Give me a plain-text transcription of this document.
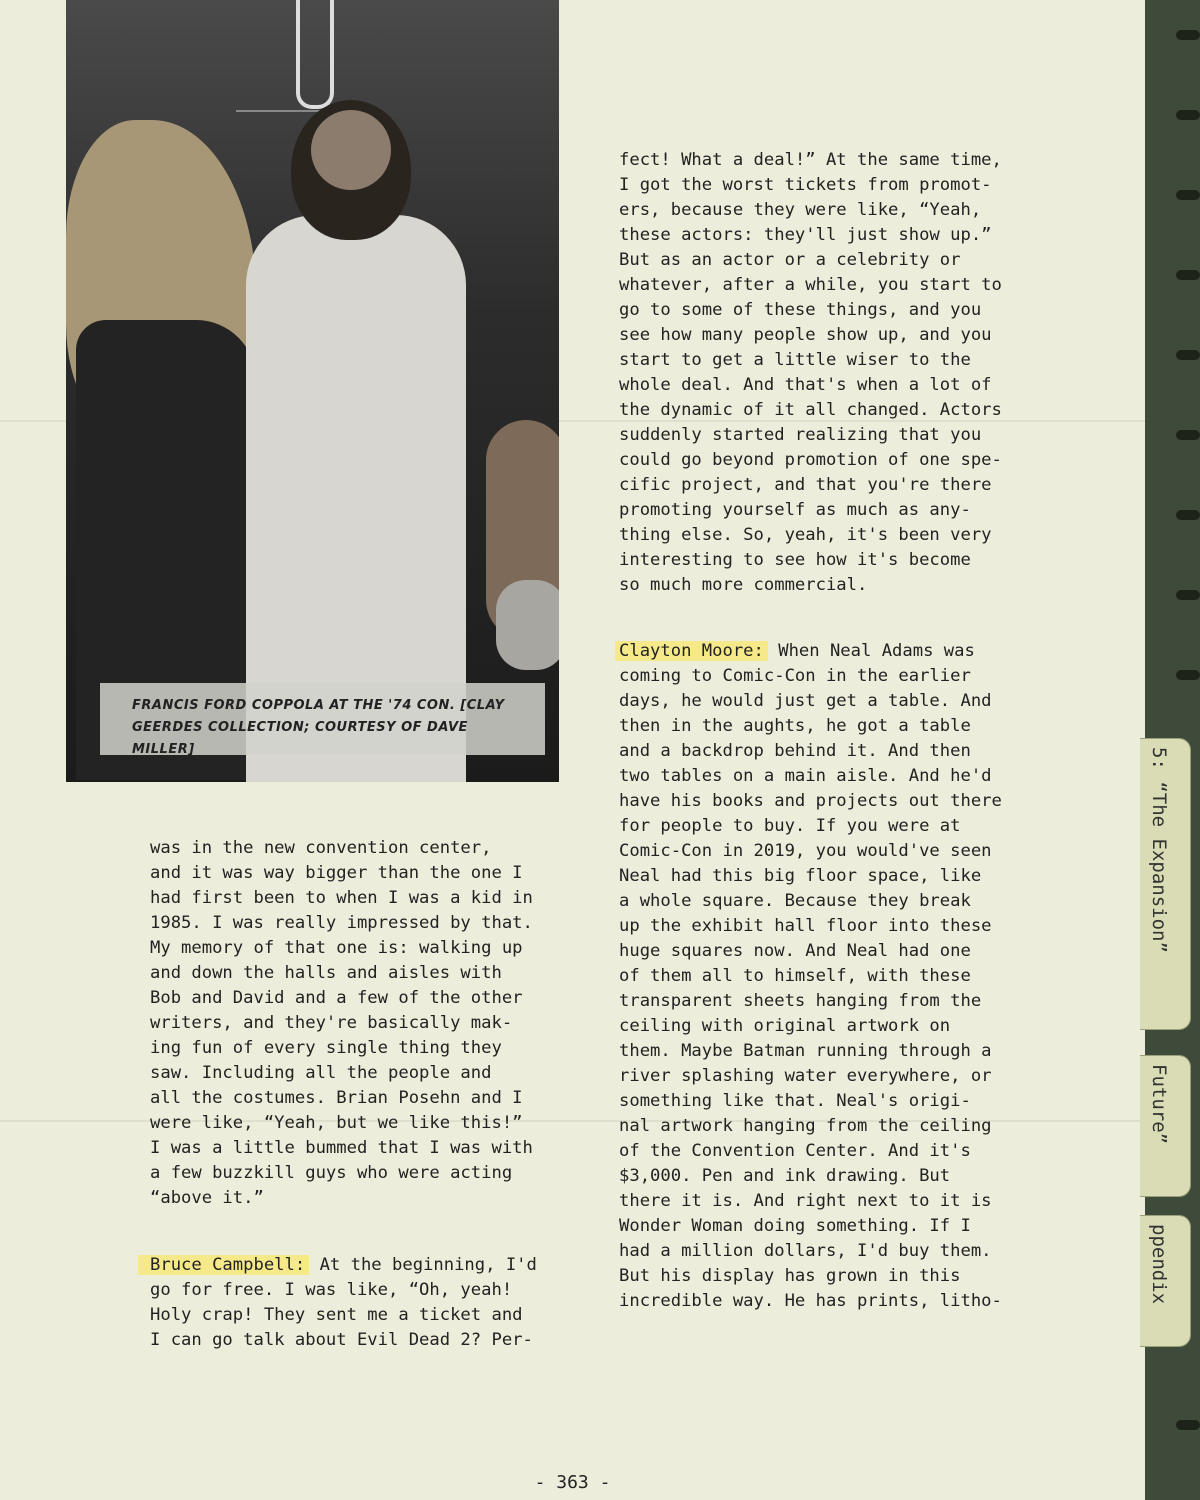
FRANCIS FORD COPPOLA AT THE '74 CON. [CLAY GEERDES COLLECTION; COURTESY OF DAVE MILLER]

was in the new convention center,
and it was way bigger than the one I
had first been to when I was a kid in
1985. I was really impressed by that.
My memory of that one is: walking up
and down the halls and aisles with
Bob and David and a few of the other
writers, and they're basically mak-
ing fun of every single thing they
saw. Including all the people and
all the costumes. Brian Posehn and I
were like, “Yeah, but we like this!”
I was a little bummed that I was with
a few buzzkill guys who were acting
“above it.”
Bruce Campbell: At the beginning, I'd
go for free. I was like, “Oh, yeah!
Holy crap! They sent me a ticket and
I can go talk about Evil Dead 2? Per-
fect! What a deal!” At the same time,
I got the worst tickets from promot-
ers, because they were like, “Yeah,
these actors: they'll just show up.”
But as an actor or a celebrity or
whatever, after a while, you start to
go to some of these things, and you
see how many people show up, and you
start to get a little wiser to the
whole deal. And that's when a lot of
the dynamic of it all changed. Actors
suddenly started realizing that you
could go beyond promotion of one spe-
cific project, and that you're there
promoting yourself as much as any-
thing else. So, yeah, it's been very
interesting to see how it's become
so much more commercial.
Clayton Moore: When Neal Adams was
coming to Comic-Con in the earlier
days, he would just get a table. And
then in the aughts, he got a table
and a backdrop behind it. And then
two tables on a main aisle. And he'd
have his books and projects out there
for people to buy. If you were at
Comic-Con in 2019, you would've seen
Neal had this big floor space, like
a whole square. Because they break
up the exhibit hall floor into these
huge squares now. And Neal had one
of them all to himself, with these
transparent sheets hanging from the
ceiling with original artwork on
them. Maybe Batman running through a
river splashing water everywhere, or
something like that. Neal's origi-
nal artwork hanging from the ceiling
of the Convention Center. And it's
$3,000. Pen and ink drawing. But
there it is. And right next to it is
Wonder Woman doing something. If I
had a million dollars, I'd buy them.
But his display has grown in this
incredible way. He has prints, litho-
- 363 -
5: “The Expansion”
Future”
ppendix
